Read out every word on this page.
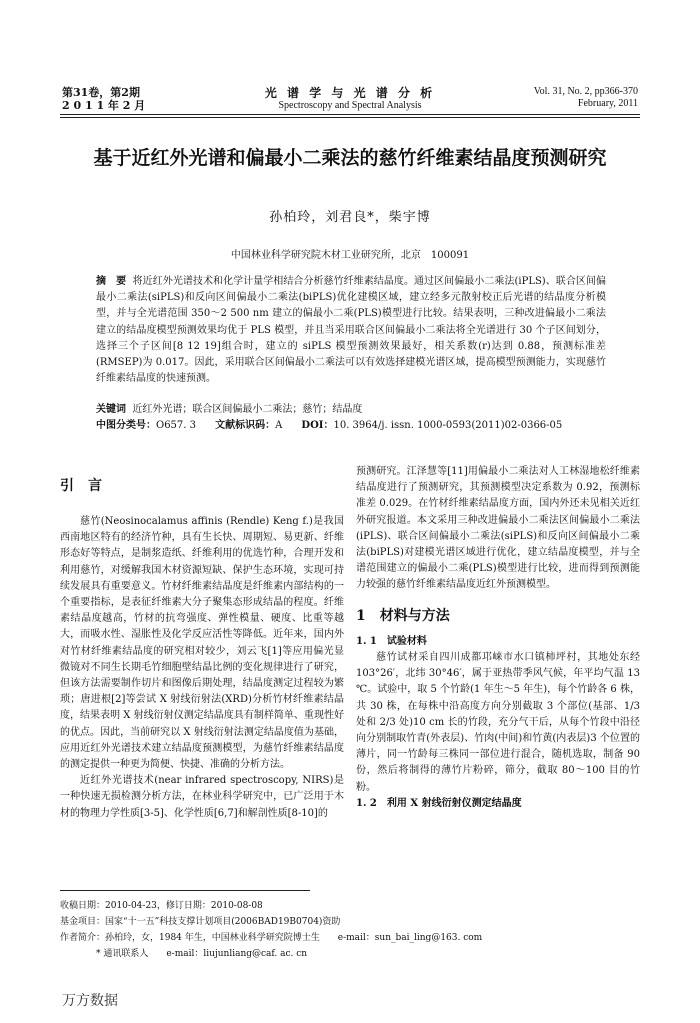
第31卷，第2期
2 0 1 1 年 2 月
光 谱 学 与 光 谱 分 析
Spectroscopy and Spectral Analysis
Vol. 31, No. 2, pp366-370
February, 2011
基于近红外光谱和偏最小二乘法的慈竹纤维素结晶度预测研究
孙柏玲，刘君良*，柴宇博
中国林业科学研究院木材工业研究所，北京　100091
摘　要 将近红外光谱技术和化学计量学相结合分析慈竹纤维素结晶度。通过区间偏最小二乘法(iPLS)、联合区间偏最小二乘法(siPLS)和反向区间偏最小二乘法(biPLS)优化建模区域，建立经多元散射校正后光谱的结晶度分析模型，并与全光谱范围 350～2 500 nm 建立的偏最小二乘(PLS)模型进行比较。结果表明，三种改进偏最小二乘法建立的结晶度模型预测效果均优于 PLS 模型，并且当采用联合区间偏最小二乘法将全光谱进行 30 个子区间划分，选择三个子区间[8 12 19]组合时，建立的 siPLS 模型预测效果最好，相关系数(r)达到 0.88，预测标准差(RMSEP)为 0.017。因此，采用联合区间偏最小二乘法可以有效选择建模光谱区域，提高模型预测能力，实现慈竹纤维素结晶度的快速预测。
关键词 近红外光谱；联合区间偏最小二乘法；慈竹；结晶度
中图分类号：O657. 3 文献标识码：A DOI：10. 3964/j. issn. 1000-0593(2011)02-0366-05
引　言

慈竹(Neosinocalamus affinis (Rendle) Keng f.)是我国西南地区特有的经济竹种，具有生长快、周期短、易更新、纤维形态好等特点，是制浆造纸、纤维利用的优选竹种，合理开发和利用慈竹，对缓解我国木材资源短缺、保护生态环境，实现可持续发展具有重要意义。竹材纤维素结晶度是纤维素内部结构的一个重要指标，是表征纤维素大分子聚集态形成结晶的程度。纤维素结晶度越高，竹材的抗弯强度、弹性模量、硬度、比重等越大，而吸水性、湿胀性及化学反应活性等降低。近年来，国内外对竹材纤维素结晶度的研究相对较少，刘云飞[1]等应用偏光显微镜对不同生长期毛竹细胞壁结晶比例的变化规律进行了研究，但该方法需要制作切片和图像后期处理，结晶度测定过程较为繁琐；唐进根[2]等尝试 X 射线衍射法(XRD)分析竹材纤维素结晶度，结果表明 X 射线衍射仪测定结晶度具有制样简单、重现性好的优点。因此，当前研究以 X 射线衍射法测定结晶度值为基础，应用近红外光谱技术建立结晶度预测模型，为慈竹纤维素结晶度的测定提供一种更为简便、快捷、准确的分析方法。

近红外光谱技术(near infrared spectroscopy, NIRS)是一种快速无损检测分析方法，在林业科学研究中，已广泛用于木材的物理力学性质[3-5]、化学性质[6,7]和解剖性质[8-10]的

预测研究。江泽慧等[11]用偏最小二乘法对人工林湿地松纤维素结晶度进行了预测研究，其预测模型决定系数为 0.92，预测标准差 0.029。在竹材纤维素结晶度方面，国内外还未见相关近红外研究报道。本文采用三种改进偏最小二乘法区间偏最小二乘法(iPLS)、联合区间偏最小二乘法(siPLS)和反向区间偏最小二乘法(biPLS)对建模光谱区域进行优化，建立结晶度模型，并与全谱范围建立的偏最小二乘(PLS)模型进行比较，进而得到预测能力较强的慈竹纤维素结晶度近红外预测模型。

1　材料与方法
1. 1　试验材料

慈竹试材采自四川成都邛崃市水口镇柿坪村，其地处东经 103°26′，北纬 30°46′，属于亚热带季风气候，年平均气温 13 ℃。试验中，取 5 个竹龄(1 年生～5 年生)，每个竹龄各 6 株，共 30 株，在每株中沿高度方向分别截取 3 个部位(基部、1/3 处和 2/3 处)10 cm 长的竹段，充分气干后，从每个竹段中沿径向分别制取竹青(外表层)、竹肉(中间)和竹黄(内表层)3 个位置的薄片，同一竹龄每三株同一部位进行混合，随机选取，制备 90 份，然后将制得的薄竹片粉碎，筛分，截取 80～100 目的竹粉。

1. 2　利用 X 射线衍射仪测定结晶度
收稿日期：2010-04-23，修订日期：2010-08-08
基金项目：国家“十一五”科技支撑计划项目(2006BAD19B0704)资助
作者简介：孙柏玲，女，1984 年生，中国林业科学研究院博士生　　e-mail：sun_bai_ling@163. com
* 通讯联系人　　e-mail：liujunliang@caf. ac. cn
万方数据
